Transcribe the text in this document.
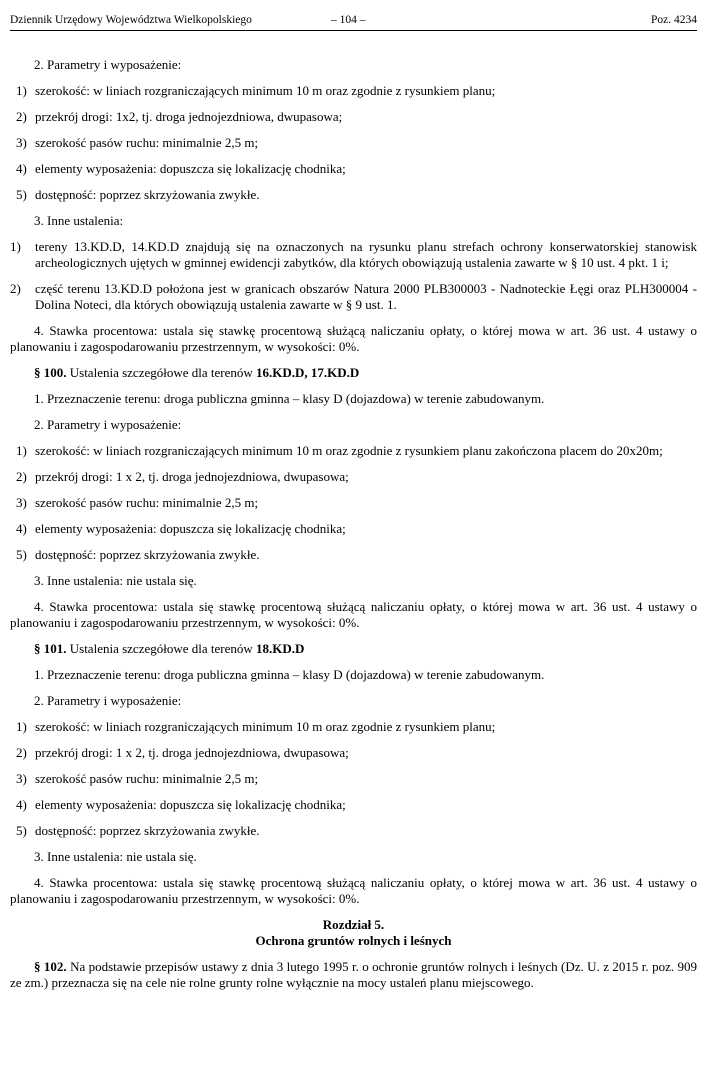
Dziennik Urzędowy Województwa Wielkopolskiego	– 104 –	Poz. 4234
2. Parametry i wyposażenie:
1) szerokość: w liniach rozgraniczających minimum 10 m oraz zgodnie z rysunkiem planu;
2) przekrój drogi: 1x2, tj. droga jednojezdniowa, dwupasowa;
3) szerokość pasów ruchu: minimalnie 2,5 m;
4) elementy wyposażenia: dopuszcza się lokalizację chodnika;
5) dostępność: poprzez skrzyżowania zwykłe.
3. Inne ustalenia:
1) tereny 13.KD.D, 14.KD.D znajdują się na oznaczonych na rysunku planu strefach ochrony konserwatorskiej stanowisk archeologicznych ujętych w gminnej ewidencji zabytków, dla których obowiązują ustalenia zawarte w § 10 ust. 4 pkt. 1 i;
2) część terenu 13.KD.D położona jest w granicach obszarów Natura 2000 PLB300003 - Nadnoteckie Łęgi oraz PLH300004 - Dolina Noteci, dla których obowiązują ustalenia zawarte w § 9 ust. 1.
4. Stawka procentowa: ustala się stawkę procentową służącą naliczaniu opłaty, o której mowa w art. 36 ust. 4 ustawy o planowaniu i zagospodarowaniu przestrzennym, w wysokości: 0%.
§ 100. Ustalenia szczegółowe dla terenów 16.KD.D, 17.KD.D
1. Przeznaczenie terenu: droga publiczna gminna – klasy D (dojazdowa) w terenie zabudowanym.
2. Parametry i wyposażenie:
1) szerokość: w liniach rozgraniczających minimum 10 m oraz zgodnie z rysunkiem planu zakończona placem do 20x20m;
2) przekrój drogi: 1 x 2, tj. droga jednojezdniowa, dwupasowa;
3) szerokość pasów ruchu: minimalnie 2,5 m;
4) elementy wyposażenia: dopuszcza się lokalizację chodnika;
5) dostępność: poprzez skrzyżowania zwykłe.
3. Inne ustalenia: nie ustala się.
4. Stawka procentowa: ustala się stawkę procentową służącą naliczaniu opłaty, o której mowa w art. 36 ust. 4 ustawy o planowaniu i zagospodarowaniu przestrzennym, w wysokości: 0%.
§ 101. Ustalenia szczegółowe dla terenów 18.KD.D
1. Przeznaczenie terenu: droga publiczna gminna – klasy D (dojazdowa) w terenie zabudowanym.
2. Parametry i wyposażenie:
1) szerokość: w liniach rozgraniczających minimum 10 m oraz zgodnie z rysunkiem planu;
2) przekrój drogi: 1 x 2, tj. droga jednojezdniowa, dwupasowa;
3) szerokość pasów ruchu: minimalnie 2,5 m;
4) elementy wyposażenia: dopuszcza się lokalizację chodnika;
5) dostępność: poprzez skrzyżowania zwykłe.
3. Inne ustalenia: nie ustala się.
4. Stawka procentowa: ustala się stawkę procentową służącą naliczaniu opłaty, o której mowa w art. 36 ust. 4 ustawy o planowaniu i zagospodarowaniu przestrzennym, w wysokości: 0%.
Rozdział 5.
Ochrona gruntów rolnych i leśnych
§ 102. Na podstawie przepisów ustawy z dnia 3 lutego 1995 r. o ochronie gruntów rolnych i leśnych (Dz. U. z 2015 r. poz. 909 ze zm.) przeznacza się na cele nie rolne grunty rolne wyłącznie na mocy ustaleń planu miejscowego.
